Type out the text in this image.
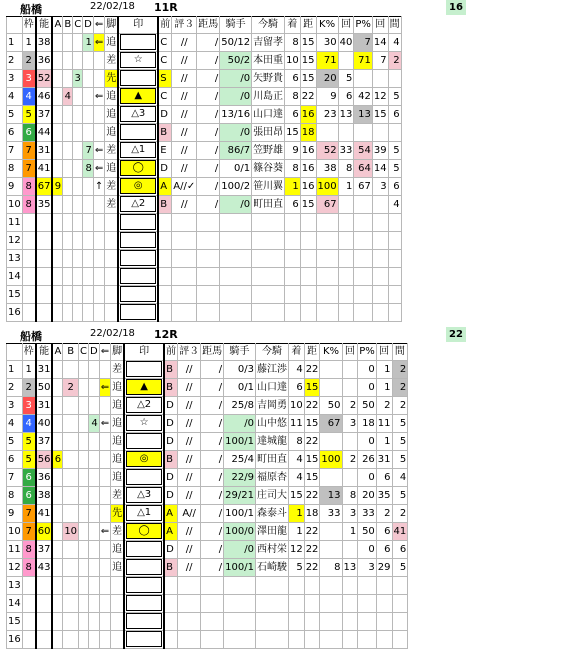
船橋	22/02/18 11R	16
	枠	能	A	B	C	D	⇐	脚	印	前	評３	距馬	騎手	今騎	着	距	K%	回	P%	回	間
1	1	38				1	⇐	追		C	//	/	50/12	吉留孝	8	15	30	40	7	14	4
2	2	36						差	☆	C	//	/	50/2	本田重	10	15	71		71	7	2
3	3	52			3			先		S	//	/	/0	矢野貴	6	15	20	5			
4	4	46		4			⇐	追	▲	C	//	/	/0	川島正	8	22	9	6	42	12	5
5	5	37						追	△3	D	//	/	13/16	山口達	6	16	23	13	13	15	6
6	6	44						追		B	//	/	/0	張田昂	15	18					
7	7	31				7	⇐	差	△1	E	//	/	86/7	笠野雄	9	16	52	33	54	39	5
8	7	41				8	⇐	追	◯	D	//	/	0/1	篠谷葵	8	16	38	8	64	14	5
9	8	67	9				↑	差	◎	A	A//✓	/	100/2	笹川翼	1	16	100	1	67	3	6
10	8	35						差	△2	B	//	/	/0	町田直	6	15	67				4
11																					
12																					
13																					
14																					
15																					
16																					
船橋	22/02/18 12R	22
	枠	能	A	B	C	D	⇐	脚	印	前	評３	距馬	騎手	今騎	着	距	K%	回	P%	回	間
1	1	31						差		B	//	/	0/3	藤江渉	4	22			0	1	2
2	2	50		2			⇐	追	▲	B	//	/	0/1	山口達	6	15			0	1	2
3	3	31						追	△2	D	//	/	25/8	吉岡勇	10	22	50	2	50	2	2
4	4	40				4	⇐	追	☆	D	//	/	/0	山中悠	11	15	67	3	18	11	5
5	5	37						追		D	//	/	100/1	達城龍	8	22			0	1	5
6	5	56	6					追	◎	B	//	/	25/4	町田直	4	15	100	2	26	31	5
7	6	36						追		D	//	/	22/9	福原杏	4	15			0	6	4
8	6	38						差	△3	D	//	/	29/21	庄司大	15	22	13	8	20	35	5
9	7	41						先	△1	A	A//	/	100/1	森泰斗	1	18	33	3	33	2	2
10	7	60		10			⇐	差	◯	A	//	/	100/0	澤田龍	1	22		1	50	6	41
11	8	37						追		D	//	/	/0	西村栄	12	22			0	6	6
12	8	43						追		B	//	/	100/1	石崎駿	5	22	8	13	3	29	5
13																					
14																					
15																					
16																					
